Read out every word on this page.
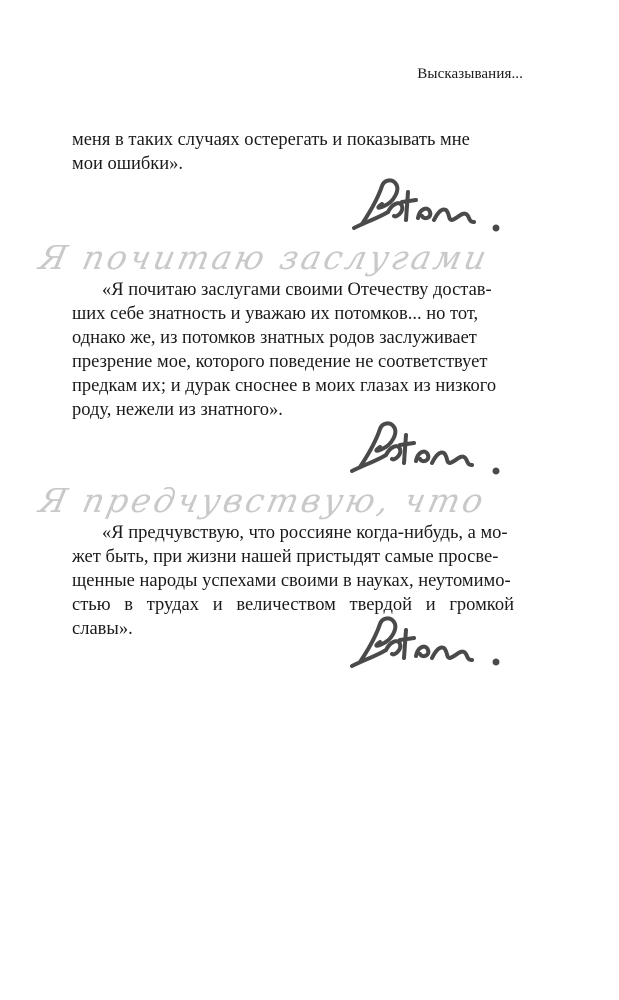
Высказывания...

меня в таких случаях остерегать и показывать мне

мои ошибки».

Я почитаю заслугами

«Я почитаю заслугами своими Отечеству достав-

ших себе знатность и уважаю их потомков... но тот,

однако же, из потомков знатных родов заслуживает

презрение мое, которого поведение не соответствует

предкам их; и дурак сноснее в моих глазах из низкого

роду, нежели из знатного».

Я предчувствую, что

«Я предчувствую, что россияне когда-нибудь, а мо-

жет быть, при жизни нашей пристыдят самые просве-

щенные народы успехами своими в науках, неутомимо-

стью в трудах и величеством твердой и громкой славы».
